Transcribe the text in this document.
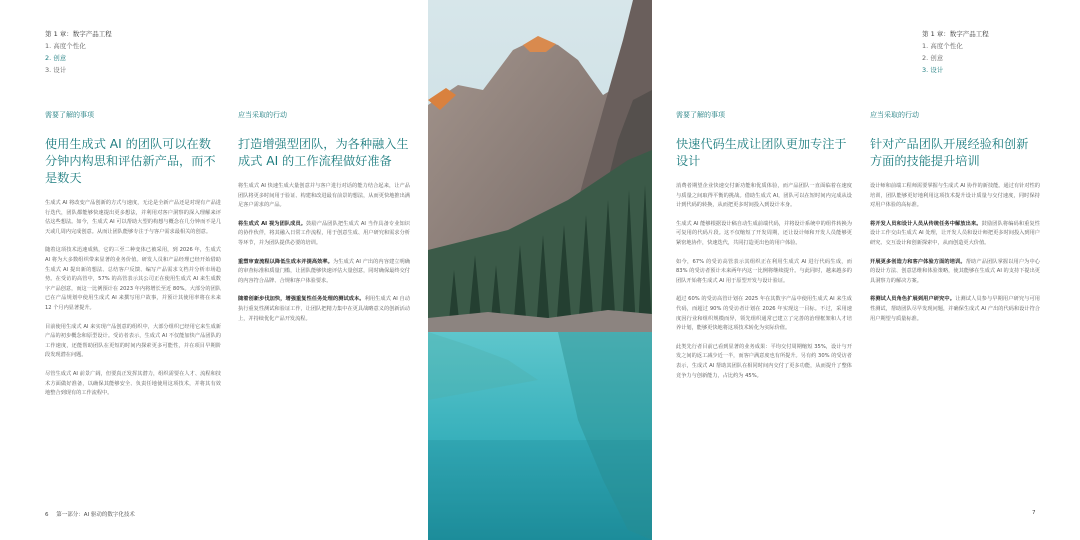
第 1 章：数字产品工程
1. 高度个性化
2. 创意
3. 设计
需要了解的事项
使用生成式 AI 的团队可以在数分钟内构思和评估新产品，而不是数天

生成式 AI 将改变产品创新的方式与速度，无论是全新产品还是对现有产品进行迭代，团队都能够快速提出更多想法，并利用对客户洞察的深入理解来评估这些想法。如今，生成式 AI 可以帮助大型的构想与概念在几分钟而不是几天或几周内完成创意。从而让团队能够专注于与客户需求最相关的创意。

随着这项技术迅速成熟，它的三至二种变体已被采用，到 2026 年，生成式 AI 将为大多数组织带来显著的业务价值。研发人员和产品经理已经开始借助生成式 AI 提出新的想法、总结客户反馈、编写产品需求文档并分析市场趋势。在受访的高管中，57% 的高管表示其公司正在使用生成式 AI 来生成数字产品创意，而这一比例预计在 2023 年内将增长至近 80%。大部分的团队已在产品规划中使用生成式 AI 来撰写用户故事，并预计其使用率将在未来 12 个月内显著提升。

目前使用生成式 AI 来实现产品创意的组织中，大部分组织已经用它来生成新产品的初步概念和原型设计。受访者表示，生成式 AI 不仅能加快产品团队的工作速度，还能帮助团队在更短的时间内探索更多可能性，并在项目早期阶段发现潜在问题。

尽管生成式 AI 前景广阔，但要真正发挥其潜力，组织需要在人才、流程和技术方面做好准备，以确保其能够安全、负责任地使用这项技术，并将其有效地整合到现有的工作流程中。

应当采取的行动
打造增强型团队，为各种融入生成式 AI 的工作流程做好准备

将生成式 AI 快速生成大量创意并与客户进行对话的能力结合起来，让产品团队将更多时间用于验证、构建和改进最有前景的想法，从而更快地推出满足客户需求的产品。

将生成式 AI 视为团队成员。鼓励产品团队把生成式 AI 当作具备专业知识的协作伙伴，将其融入日常工作流程，用于创意生成、用户研究和需求分析等环节，并为团队提供必要的培训。

重塑审查流程以降低生成本并提高效率。为生成式 AI 产出的内容建立明确的审查标准和质量门槛，让团队能够快速评估大量创意，同时确保最终交付的内容符合品牌、合规和客户体验要求。

随着创新步伐加快，增强重复性任务处理的测试成本。利用生成式 AI 自动执行重复性测试和验证工作，让团队把精力集中在更具战略意义的创新活动上，并持续优化产品开发流程。

6 第一部分：AI 驱动的数字化技术
第 1 章：数字产品工程
1. 高度个性化
2. 创意
3. 设计
需要了解的事项
快速代码生成让团队更加专注于设计

消费者期望企业快速交付新功能和优质体验，而产品团队一直面临着在速度与质量之间取得平衡的挑战。借助生成式 AI，团队可以在短时间内完成从设计到代码的转换，从而把更多时间投入到设计本身。

生成式 AI 能够根据设计稿自动生成前端代码，并将设计系统中的组件转换为可复用的代码片段。这不仅缩短了开发周期，还让设计师和开发人员能够更紧密地协作，快速迭代，共同打造更出色的用户体验。

如今，67% 的受访高管表示其组织正在利用生成式 AI 进行代码生成，而 83% 的受访者预计未来两年内这一比例将继续提升。与此同时，越来越多的团队开始将生成式 AI 用于原型开发与设计验证。

超过 60% 的受访高管计划在 2025 年在其数字产品中使用生成式 AI 来生成代码，而超过 90% 的受访者计划在 2026 年实现这一目标。不过，采用速度因行业和组织规模而异，领先组织通常已建立了完善的治理框架和人才培养计划，能够更快地将这项技术转化为实际价值。

此类先行者目前已看到显著的业务成果：平均交付周期缩短 35%，设计与开发之间的返工减少近一半，而客户满意度也有所提升。另有约 30% 的受访者表示，生成式 AI 帮助其团队在相同时间内交付了更多功能，从而提升了整体竞争力与创新能力，占比约为 45%。

应当采取的行动
针对产品团队开展经验和创新方面的技能提升培训

设计师和前端工程师需要掌握与生成式 AI 协作的新技能。通过有针对性的培训，团队能够更好地利用这项技术提升设计质量与交付速度，同时保持对用户体验的高标准。

将开发人员和设计人员从传统任务中解放出来。鼓励团队将编码和重复性设计工作交由生成式 AI 处理，让开发人员和设计师把更多时间投入到用户研究、交互设计和创新探索中，从而创造更大价值。

开展更多创造力和客户体验方面的培训。帮助产品团队掌握以用户为中心的设计方法、创意思维和体验策略，使其能够在生成式 AI 的支持下提出更具洞察力的解决方案。

将测试人员角色扩展到用户研究中。让测试人员参与早期用户研究与可用性测试，帮助团队尽早发现问题，并确保生成式 AI 产出的代码和设计符合用户期望与质量标准。

7
